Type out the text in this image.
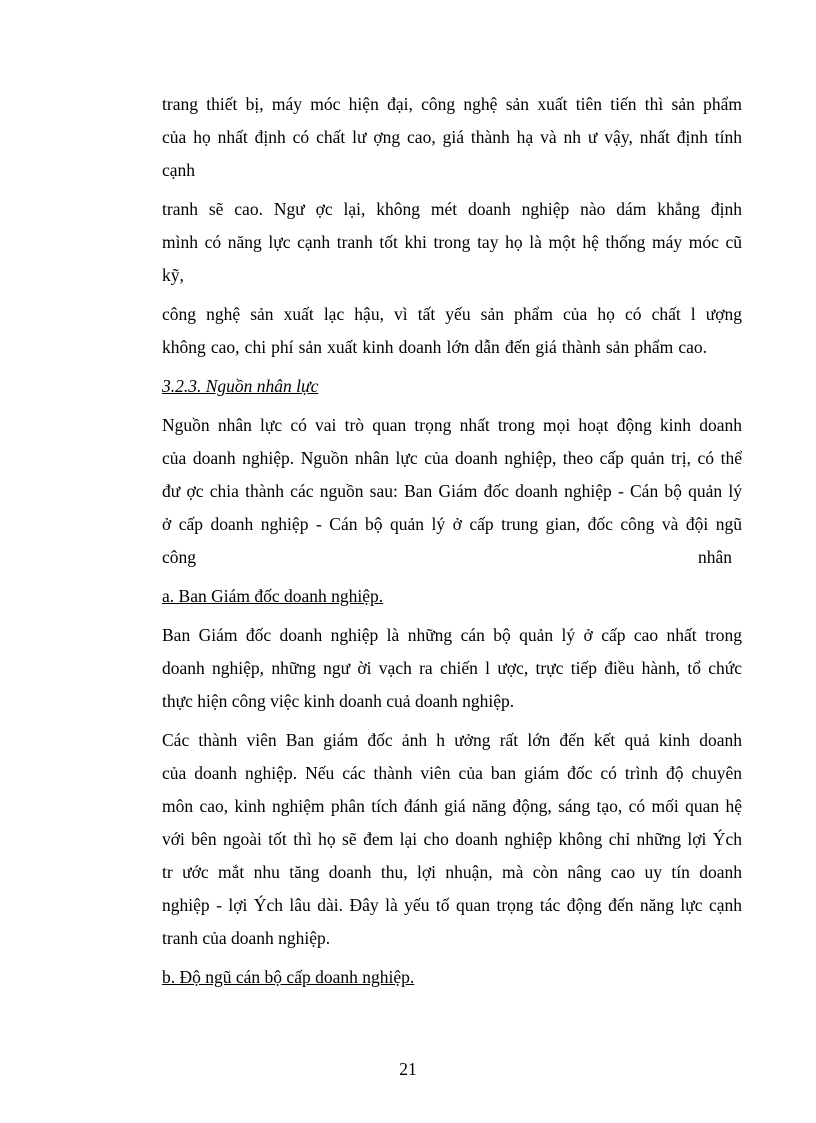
trang thiết bị, máy móc hiện đại, công nghệ sản xuất tiên tiến thì sản phẩm
của họ nhất định có chất lư ợng cao, giá thành hạ và nh ư vậy, nhất định tính
cạnh
tranh sẽ cao. Ngư ợc lại, không mét doanh nghiệp nào dám khẳng định
mình có năng lực cạnh tranh tốt khi trong tay họ là một hệ thống máy móc cũ
kỹ,
công nghệ sản xuất lạc hậu, vì tất yếu sản phẩm của họ có chất l ượng
không cao, chi phí sản xuất kinh doanh lớn dẫn đến giá thành sản phẩm cao.
3.2.3. Nguồn nhân lực
Nguồn nhân lực có vai trò quan trọng nhất trong mọi hoạt động kinh doanh
của doanh nghiệp. Nguồn nhân lực của doanh nghiệp, theo cấp quản trị, có thể
đư ợc chia thành các nguồn sau: Ban Giám đốc doanh nghiệp - Cán bộ quản lý
ở cấp doanh nghiệp - Cán bộ quản lý ở cấp trung gian, đốc công và đội ngũ
công	nhân
a. Ban Giám đốc doanh nghiệp.
Ban Giám đốc doanh nghiệp là những cán bộ quản lý ở cấp cao nhất trong
doanh nghiệp, những ngư ời vạch ra chiến l ược, trực tiếp điều hành, tổ chức
thực hiện công việc kinh doanh cuả doanh nghiệp.
Các thành viên Ban giám đốc ảnh h ưởng rất lớn đến kết quả kinh doanh
của doanh nghiệp. Nếu các thành viên của ban giám đốc có trình độ chuyên
môn cao, kinh nghiệm phân tích đánh giá năng động, sáng tạo, có mối quan hệ
với bên ngoài tốt thì họ sẽ đem lại cho doanh nghiệp không chỉ những lợi Ých
tr ước mắt nhu tăng doanh thu, lợi nhuận, mà còn nâng cao uy tín doanh
nghiệp - lợi Ých lâu dài. Đây là yếu tố quan trọng tác động đến năng lực cạnh
tranh của doanh nghiệp.
b. Độ ngũ cán bộ cấp doanh nghiệp.
21
